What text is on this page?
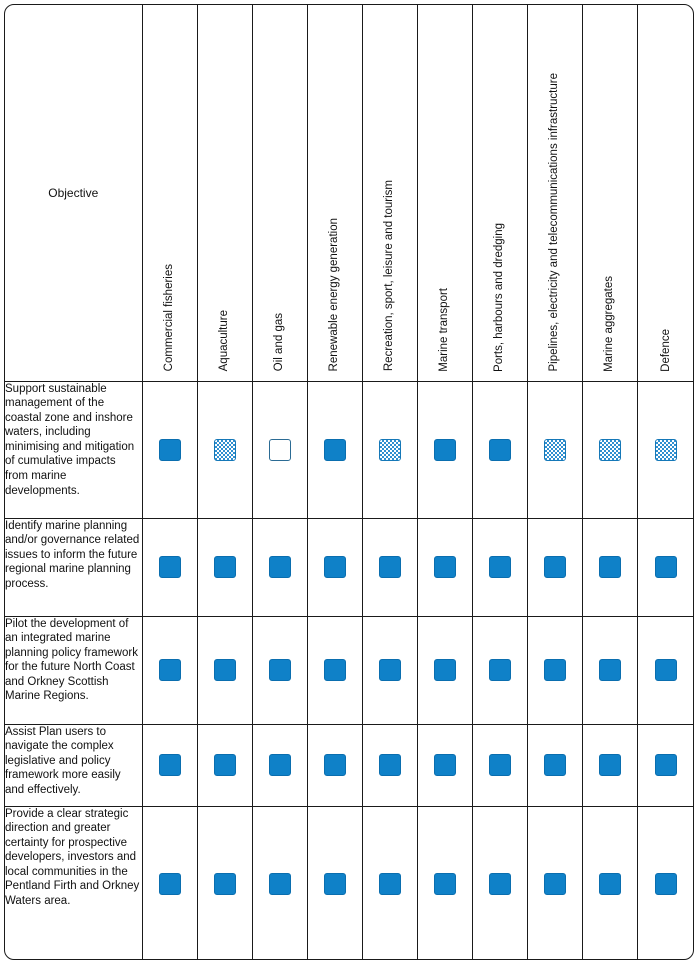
Objective	Commercial fisheries	Aquaculture	Oil and gas	Renewable energy generation	Recreation, sport, leisure and tourism	Marine transport	Ports, harbours and dredging	Pipelines, electricity and telecommunications infrastructure	Marine aggregates	Defence
Support sustainable management of the coastal zone and inshore waters, including minimising and mitigation of cumulative impacts from marine developments.										
Identify marine planning and/or governance related issues to inform the future regional marine planning process.										
Pilot the development of an integrated marine planning policy framework for the future North Coast and Orkney Scottish Marine Regions.										
Assist Plan users to navigate the complex legislative and policy framework more easily and effectively.										
Provide a clear strategic direction and greater certainty for prospective developers, investors and local communities in the Pentland Firth and Orkney Waters area.										
